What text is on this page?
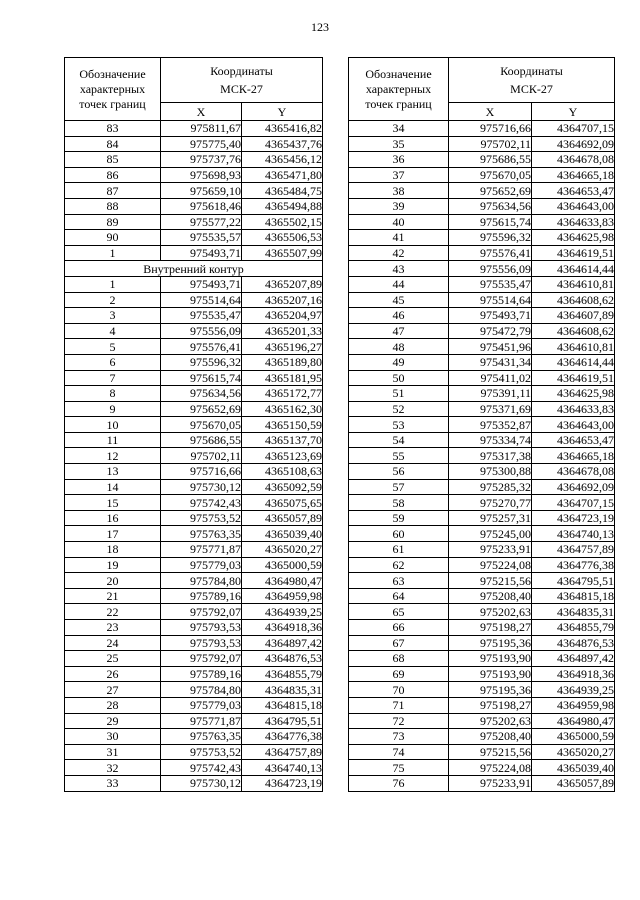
123
Обозначение
характерных
точек границ	Координаты
МСК-27	
	X	Y
83	975811,67	4365416,82
84	975775,40	4365437,76
85	975737,76	4365456,12
86	975698,93	4365471,80
87	975659,10	4365484,75
88	975618,46	4365494,88
89	975577,22	4365502,15
90	975535,57	4365506,53
1	975493,71	4365507,99
Внутренний контур		
1	975493,71	4365207,89
2	975514,64	4365207,16
3	975535,47	4365204,97
4	975556,09	4365201,33
5	975576,41	4365196,27
6	975596,32	4365189,80
7	975615,74	4365181,95
8	975634,56	4365172,77
9	975652,69	4365162,30
10	975670,05	4365150,59
11	975686,55	4365137,70
12	975702,11	4365123,69
13	975716,66	4365108,63
14	975730,12	4365092,59
15	975742,43	4365075,65
16	975753,52	4365057,89
17	975763,35	4365039,40
18	975771,87	4365020,27
19	975779,03	4365000,59
20	975784,80	4364980,47
21	975789,16	4364959,98
22	975792,07	4364939,25
23	975793,53	4364918,36
24	975793,53	4364897,42
25	975792,07	4364876,53
26	975789,16	4364855,79
27	975784,80	4364835,31
28	975779,03	4364815,18
29	975771,87	4364795,51
30	975763,35	4364776,38
31	975753,52	4364757,89
32	975742,43	4364740,13
33	975730,12	4364723,19
Обозначение
характерных
точек границ	Координаты
МСК-27	
	X	Y
34	975716,66	4364707,15
35	975702,11	4364692,09
36	975686,55	4364678,08
37	975670,05	4364665,18
38	975652,69	4364653,47
39	975634,56	4364643,00
40	975615,74	4364633,83
41	975596,32	4364625,98
42	975576,41	4364619,51
43	975556,09	4364614,44
44	975535,47	4364610,81
45	975514,64	4364608,62
46	975493,71	4364607,89
47	975472,79	4364608,62
48	975451,96	4364610,81
49	975431,34	4364614,44
50	975411,02	4364619,51
51	975391,11	4364625,98
52	975371,69	4364633,83
53	975352,87	4364643,00
54	975334,74	4364653,47
55	975317,38	4364665,18
56	975300,88	4364678,08
57	975285,32	4364692,09
58	975270,77	4364707,15
59	975257,31	4364723,19
60	975245,00	4364740,13
61	975233,91	4364757,89
62	975224,08	4364776,38
63	975215,56	4364795,51
64	975208,40	4364815,18
65	975202,63	4364835,31
66	975198,27	4364855,79
67	975195,36	4364876,53
68	975193,90	4364897,42
69	975193,90	4364918,36
70	975195,36	4364939,25
71	975198,27	4364959,98
72	975202,63	4364980,47
73	975208,40	4365000,59
74	975215,56	4365020,27
75	975224,08	4365039,40
76	975233,91	4365057,89
